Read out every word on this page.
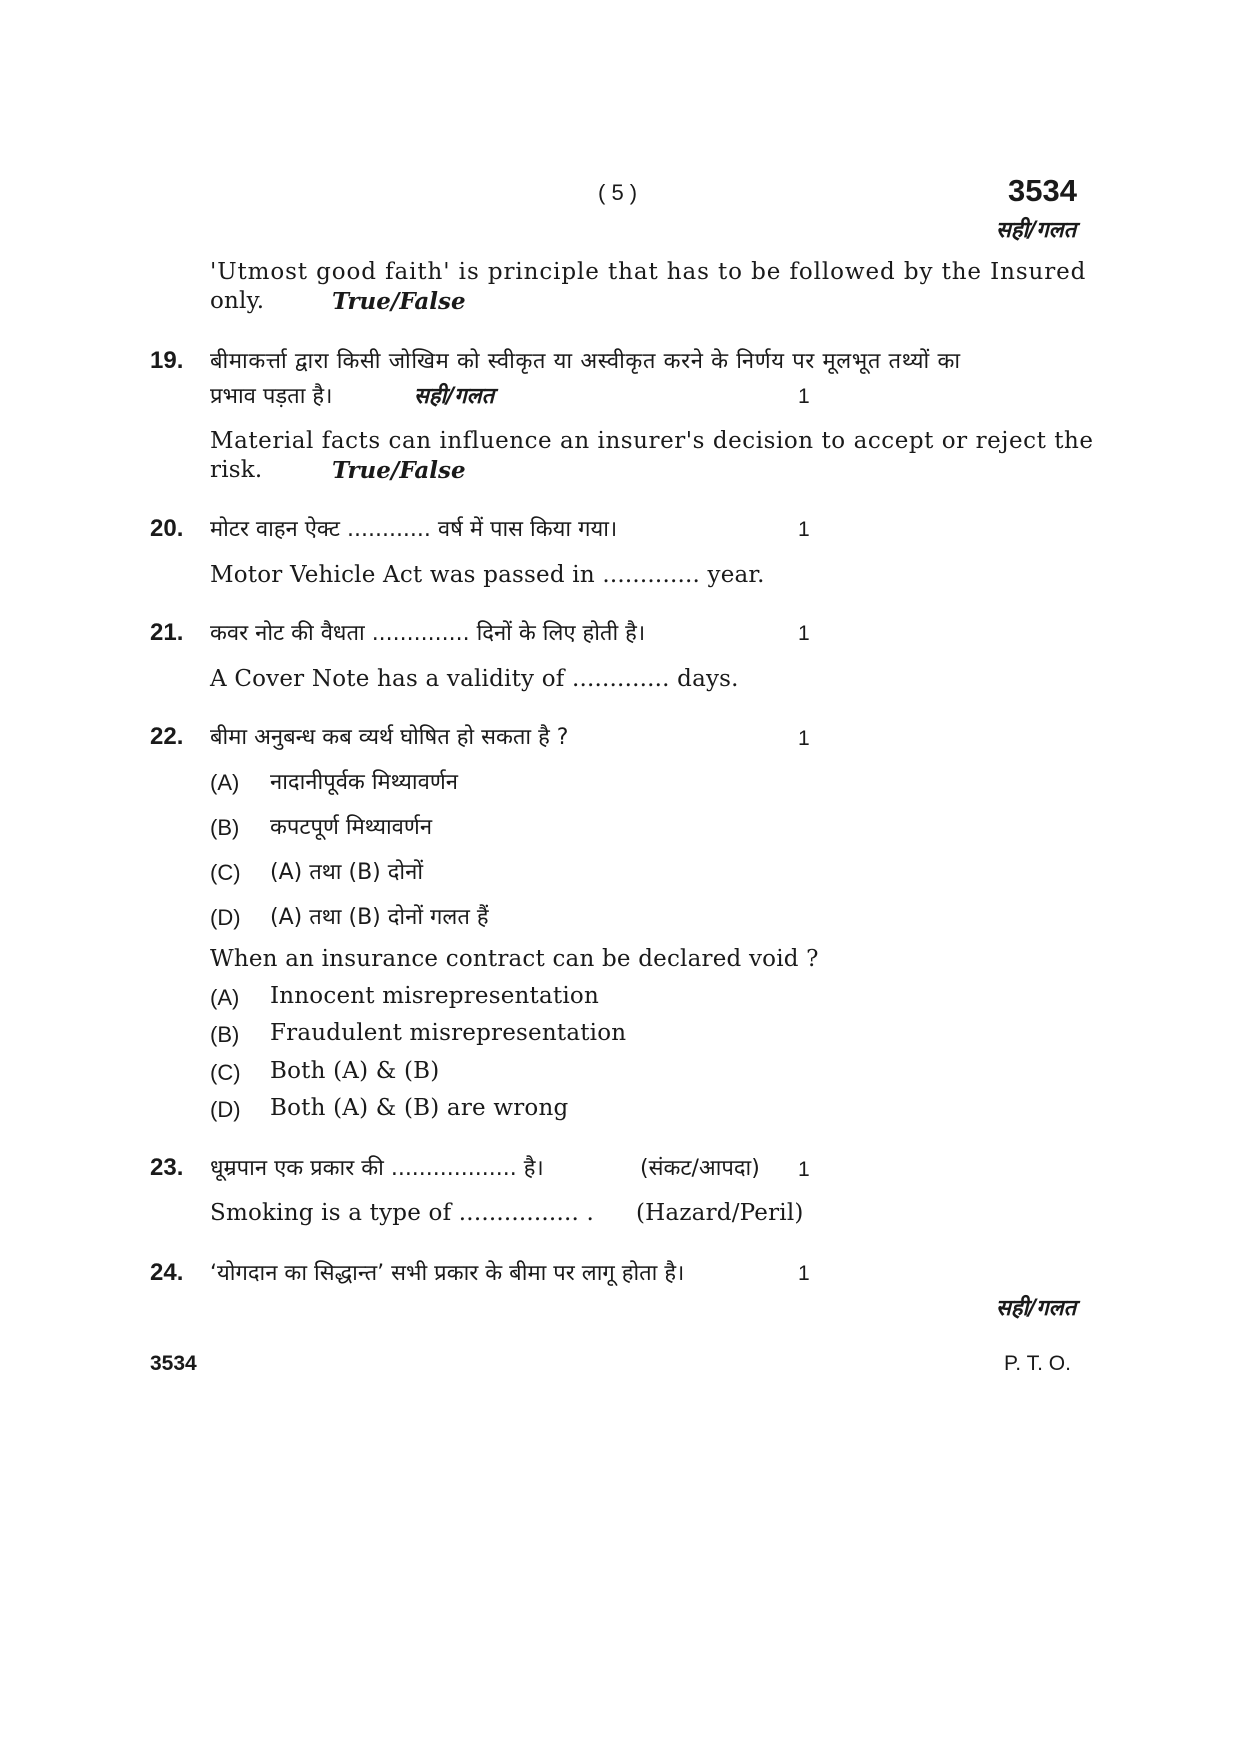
( 5 )	3534
सही/गलत
'Utmost good faith' is principle that has to be followed by the Insured
only.	True/False
19. बीमाकर्त्ता द्वारा किसी जोखिम को स्वीकृत या अस्वीकृत करने के निर्णय पर मूलभूत तथ्यों का
प्रभाव पड़ता है।	सही/गलत	1
Material facts can influence an insurer's decision to accept or reject the
risk.	True/False
20. मोटर वाहन ऐक्ट ............ वर्ष में पास किया गया।	1
Motor Vehicle Act was passed in ............. year.
21. कवर नोट की वैधता .............. दिनों के लिए होती है।	1
A Cover Note has a validity of ............. days.
22. बीमा अनुबन्ध कब व्यर्थ घोषित हो सकता है ?	1
(A) नादानीपूर्वक मिथ्यावर्णन
(B) कपटपूर्ण मिथ्यावर्णन
(C) (A) तथा (B) दोनों
(D) (A) तथा (B) दोनों गलत हैं
When an insurance contract can be declared void ?
(A) Innocent misrepresentation
(B) Fraudulent misrepresentation
(C) Both (A) & (B)
(D) Both (A) & (B) are wrong
23. धूम्रपान एक प्रकार की .................. है।	(संकट/आपदा) 1
Smoking is a type of ................ . (Hazard/Peril)
24. ‘योगदान का सिद्धान्त’ सभी प्रकार के बीमा पर लागू होता है।	1
सही/गलत
3534	P. T. O.
